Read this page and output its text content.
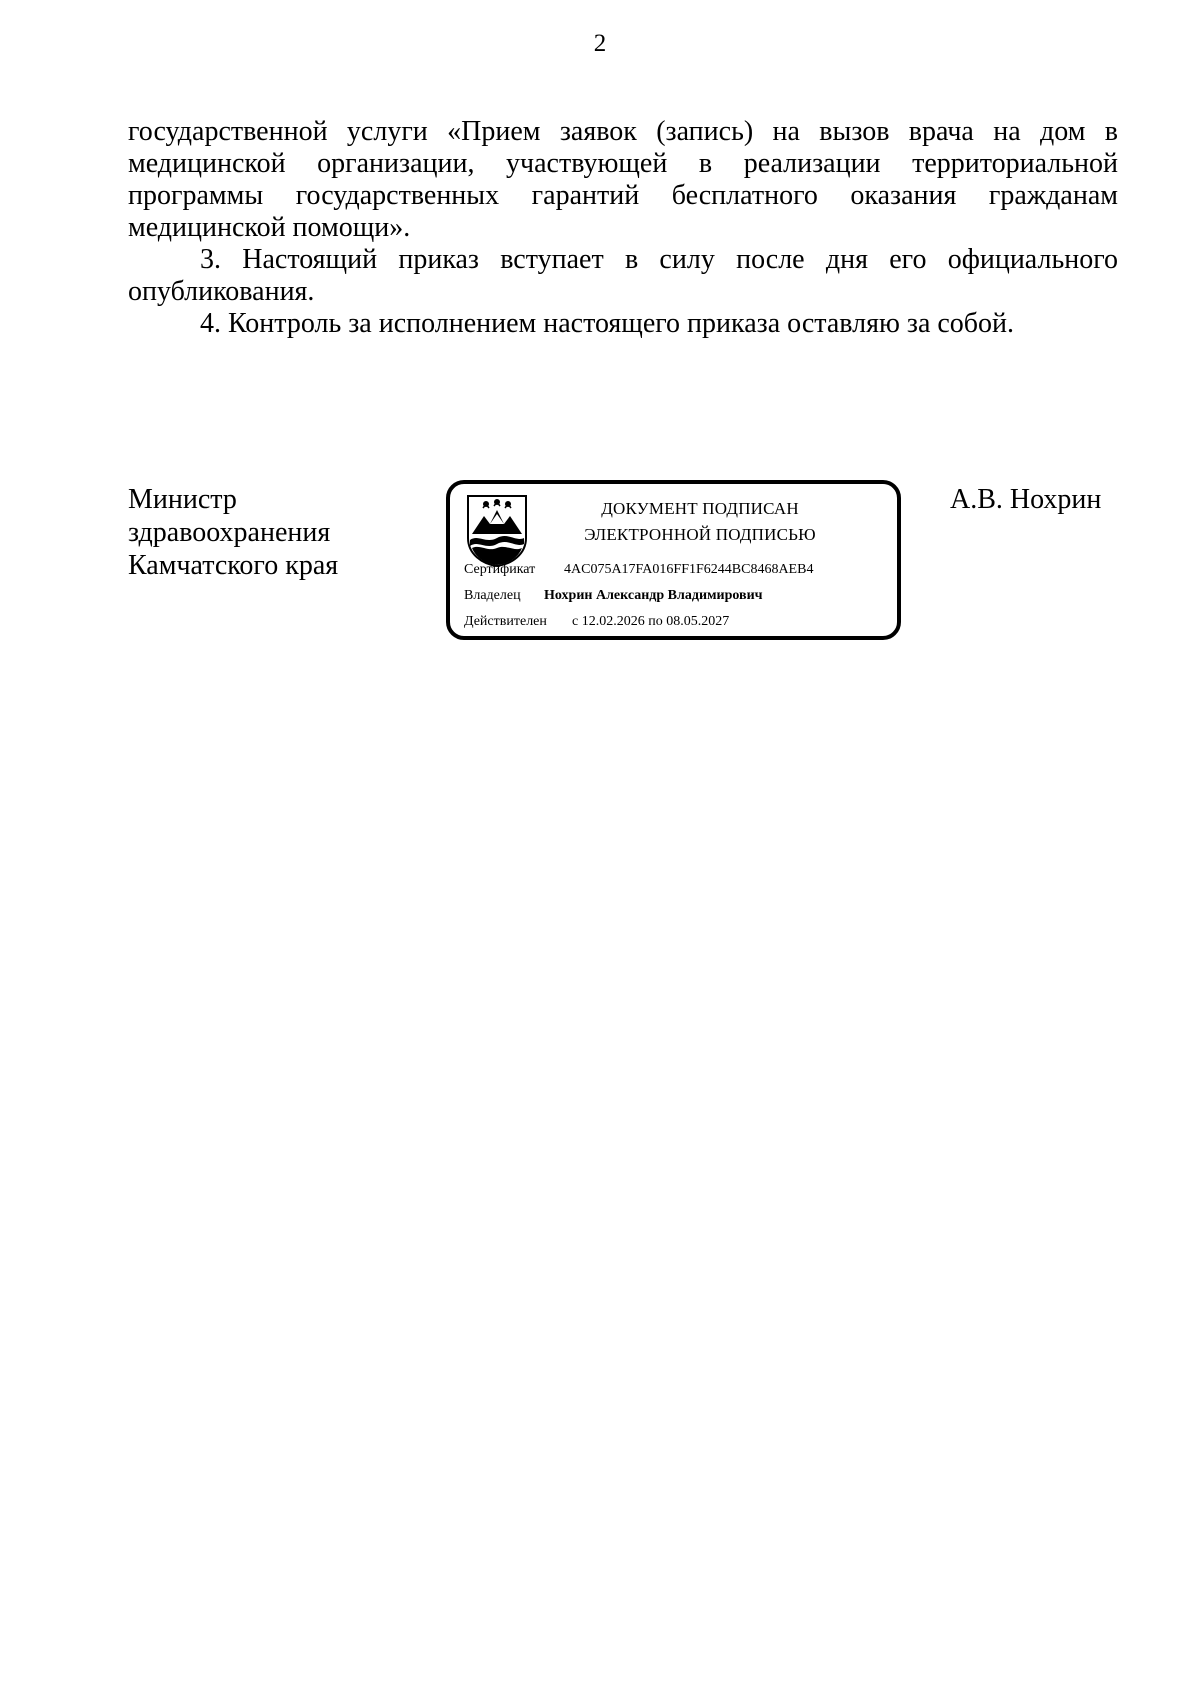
2

государственной услуги «Прием заявок (запись) на вызов врача на дом в медицинской организации, участвующей в реализации территориальной программы государственных гарантий бесплатного оказания гражданам медицинской помощи».

3. Настоящий приказ вступает в силу после дня его официального опубликования.

4. Контроль за исполнением настоящего приказа оставляю за собой.

Министр
здравоохранения
Камчатского края
ДОКУМЕНТ ПОДПИСАН
ЭЛЕКТРОННОЙ ПОДПИСЬЮ
Сертификат 4AC075A17FA016FF1F6244BC8468AEB4
Владелец Нохрин Александр Владимирович
Действителен с 12.02.2026 по 08.05.2027
А.В. Нохрин
